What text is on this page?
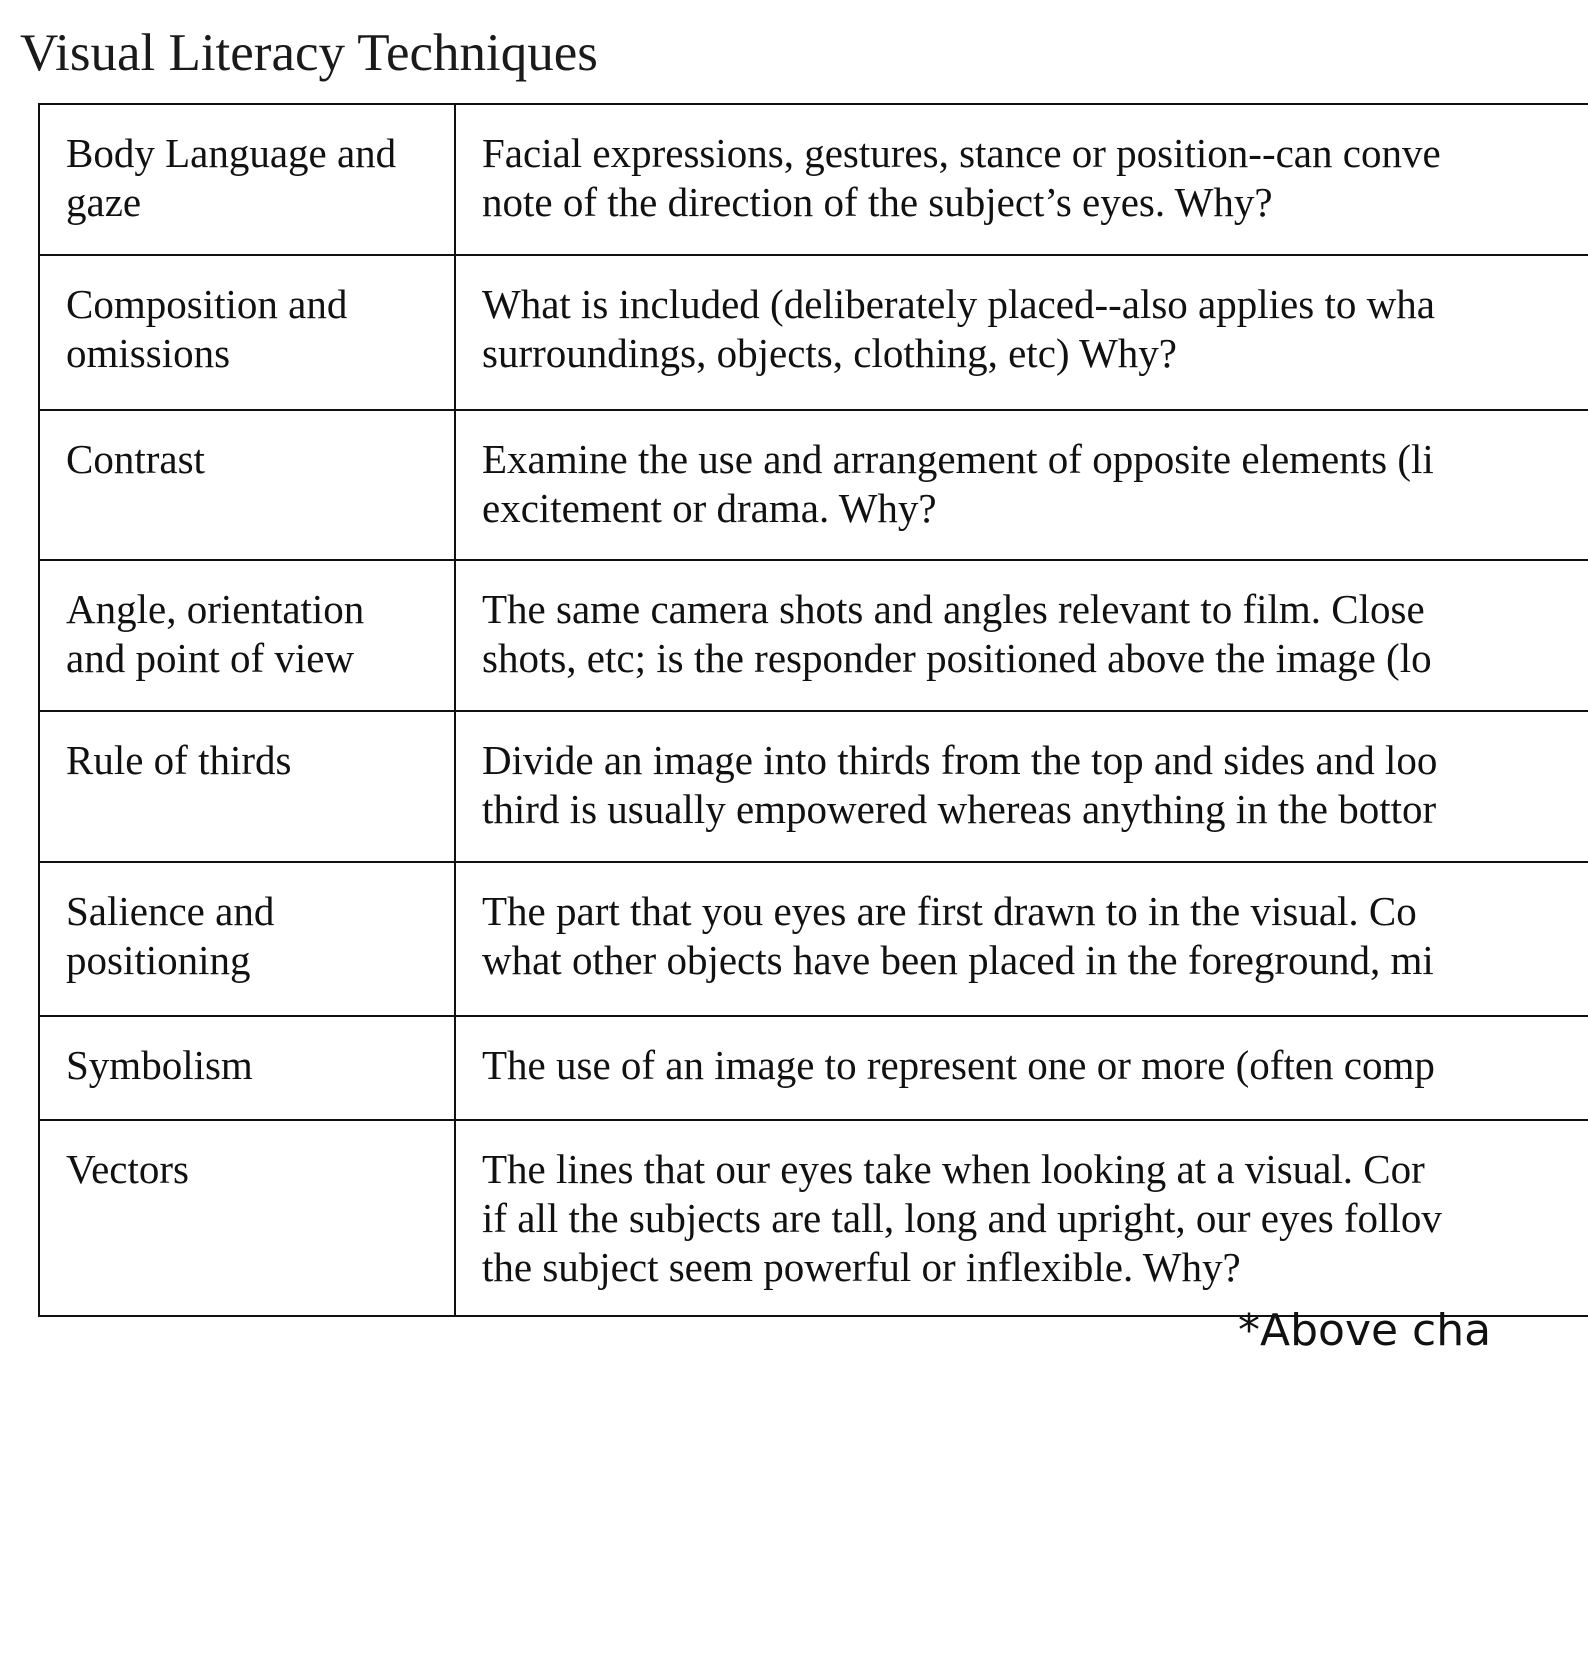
Visual Literacy Techniques
Body Language and gaze	Facial expressions, gestures, stance or position--can conve
note of the direction of the subject’s eyes. Why?

Composition and omissions	What is included (deliberately placed--also applies to wha
surroundings, objects, clothing, etc) Why?

Contrast	Examine the use and arrangement of opposite elements (li
excitement or drama. Why?

Angle, orientation and point of view	The same camera shots and angles relevant to film. Close
shots, etc; is the responder positioned above the image (lo

Rule of thirds	Divide an image into thirds from the top and sides and loo
third is usually empowered whereas anything in the bottor

Salience and positioning	The part that you eyes are first drawn to in the visual. Co
what other objects have been placed in the foreground, mi

Symbolism	The use of an image to represent one or more (often comp

Vectors	The lines that our eyes take when looking at a visual. Cor
if all the subjects are tall, long and upright, our eyes follov
the subject seem powerful or inflexible. Why?
*Above cha
